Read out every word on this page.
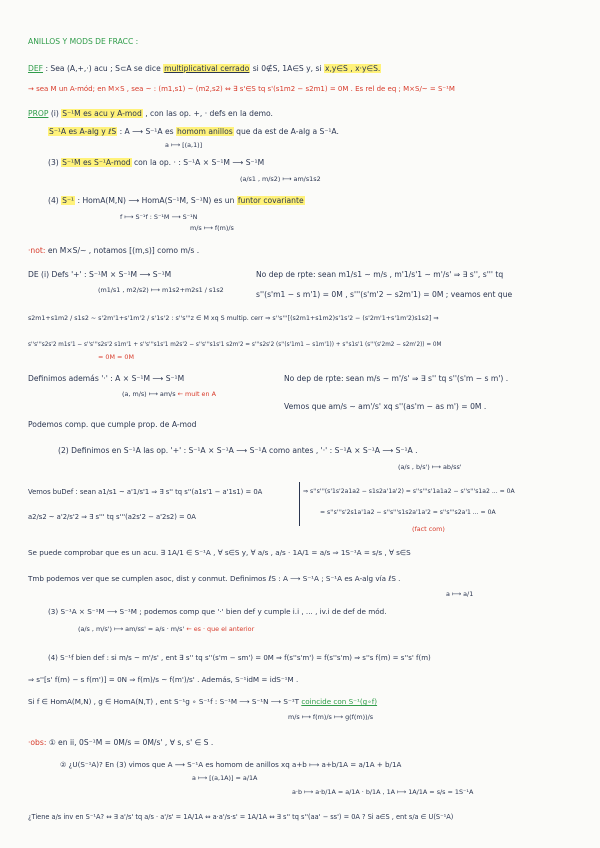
ANILLOS Y MODS DE FRACC :
DEF : Sea (A,+,·) acu ; S⊂A se dice multiplicatival cerrado si 0∉S, 1A∈S y, si x,y∈S , x·y∈S.
→ sea M un A-mód; en M×S , sea ~ : (m1,s1) ~ (m2,s2) ⇔ ∃ s'∈S tq s'(s1m2 − s2m1) = 0M . Es rel de eq ; M×S/~ = S⁻¹M
PROP (i) S⁻¹M es acu y A-mod , con las op. +, · defs en la demo.
S⁻¹A es A-alg y ℓS : A ⟶ S⁻¹A es homom anillos que da est de A-alg a S⁻¹A.
a ⟼ [(a,1)]
(3) S⁻¹M es S⁻¹A-mod con la op. · : S⁻¹A × S⁻¹M ⟶ S⁻¹M
(a/s1 , m/s2) ⟼ am/s1s2
(4) S⁻¹ : HomA(M,N) ⟶ HomA(S⁻¹M, S⁻¹N) es un funtor covariante
f ⟼ S⁻¹f : S⁻¹M ⟶ S⁻¹N
m/s ⟼ f(m)/s
·not: en M×S/~ , notamos [(m,s)] como m/s .
DE (i) Defs '+' : S⁻¹M × S⁻¹M ⟶ S⁻¹M	No dep de rpte: sean m1/s1 ~ m/s , m'1/s'1 ~ m'/s' ⇒ ∃ s'', s''' tq
(m1/s1 , m2/s2) ⟼ m1s2+m2s1 / s1s2	s''(s'm1 − s m'1) = 0M , s'''(s'm'2 − s2m'1) = 0M ; veamos ent que
s2m1+s1m2 / s1s2 ~ s'2m'1+s'1m'2 / s'1s'2 : s''s'''z ∈ M xq S multip. cerr ⇒ s''s'''[(s2m1+s1m2)s'1s'2 − (s'2m'1+s'1m'2)s1s2] ⇒
s''s'''s2s'2 m1s'1 − s''s'''s2s'2 s1m'1 + s''s'''s1s'1 m2s'2 − s''s'''s1s'1 s2m'2 = s'''s2s'2 (s''(s'1m1 − s1m'1)) + s''s1s'1 (s'''(s'2m2 − s2m'2)) = 0M
= 0M = 0M
Definimos además '·' : A × S⁻¹M ⟶ S⁻¹M	No dep de rpte: sean m/s ~ m'/s' ⇒ ∃ s'' tq s''(s'm − s m') .
(a, m/s) ⟼ am/s ← mult en A
Vemos que am/s ~ am'/s' xq s''(as'm − as m') = 0M .
Podemos comp. que cumple prop. de A-mod
(2) Definimos en S⁻¹A las op. '+' : S⁻¹A × S⁻¹A ⟶ S⁻¹A como antes , '·' : S⁻¹A × S⁻¹A ⟶ S⁻¹A .
(a/s , b/s') ⟼ ab/ss'
Vemos buDef : sean a1/s1 ~ a'1/s'1 ⇒ ∃ s'' tq s''(a1s'1 − a'1s1) = 0A	⇒ s''s'''(s'1s'2a1a2 − s1s2a'1a'2) = s''s'''s'1a1a2 − s''s'''s1a2 ... = 0A
a2/s2 ~ a'2/s'2 ⇒ ∃ s''' tq s'''(a2s'2 − a'2s2) = 0A
= s''s'''s'2s1a'1a2 − s''s'''s1s2a'1a'2 = s''s'''s2a'1 ... = 0A
(fact com)
Se puede comprobar que es un acu. ∃ 1A/1 ∈ S⁻¹A , ∀ s∈S y, ∀ a/s , a/s · 1A/1 = a/s ⇒ 1S⁻¹A = s/s , ∀ s∈S
Tmb podemos ver que se cumplen asoc, dist y conmut. Definimos ℓS : A ⟶ S⁻¹A ; S⁻¹A es A-alg vía ℓS .
a ⟼ a/1
(3) S⁻¹A × S⁻¹M ⟶ S⁻¹M ; podemos comp que '·' bien def y cumple i.i , ... , iv.i de def de mód.
(a/s , m/s') ⟼ am/ss' = a/s · m/s' ← es · que el anterior
(4) S⁻¹f bien def : si m/s ~ m'/s' , ent ∃ s'' tq s''(s'm − sm') = 0M ⇒ f(s''s'm') = f(s''s'm) ⇒ s''s f(m) = s''s' f(m)
⇒ s''[s' f(m) − s f(m')] = 0N ⇒ f(m)/s ~ f(m')/s' . Además, S⁻¹idM = idS⁻¹M .
Si f ∈ HomA(M,N) , g ∈ HomA(N,T) , ent S⁻¹g ∘ S⁻¹f : S⁻¹M ⟶ S⁻¹N ⟶ S⁻¹T coincide con S⁻¹(g∘f)
m/s ⟼ f(m)/s ⟼ g(f(m))/s
·obs: ① en ii, 0S⁻¹M = 0M/s = 0M/s' , ∀ s, s' ∈ S .
② ¿U(S⁻¹A)? En (3) vimos que A ⟶ S⁻¹A es homom de anillos xq a+b ⟼ a+b/1A = a/1A + b/1A
a ⟼ [(a,1A)] = a/1A
a·b ⟼ a·b/1A = a/1A · b/1A , 1A ⟼ 1A/1A = s/s = 1S⁻¹A
¿Tiene a/s inv en S⁻¹A? ⇔ ∃ a'/s' tq a/s · a'/s' = 1A/1A ⇔ a·a'/s·s' = 1A/1A ⇔ ∃ s'' tq s''(aa' − ss') = 0A ? Si a∈S , ent s/a ∈ U(S⁻¹A)
